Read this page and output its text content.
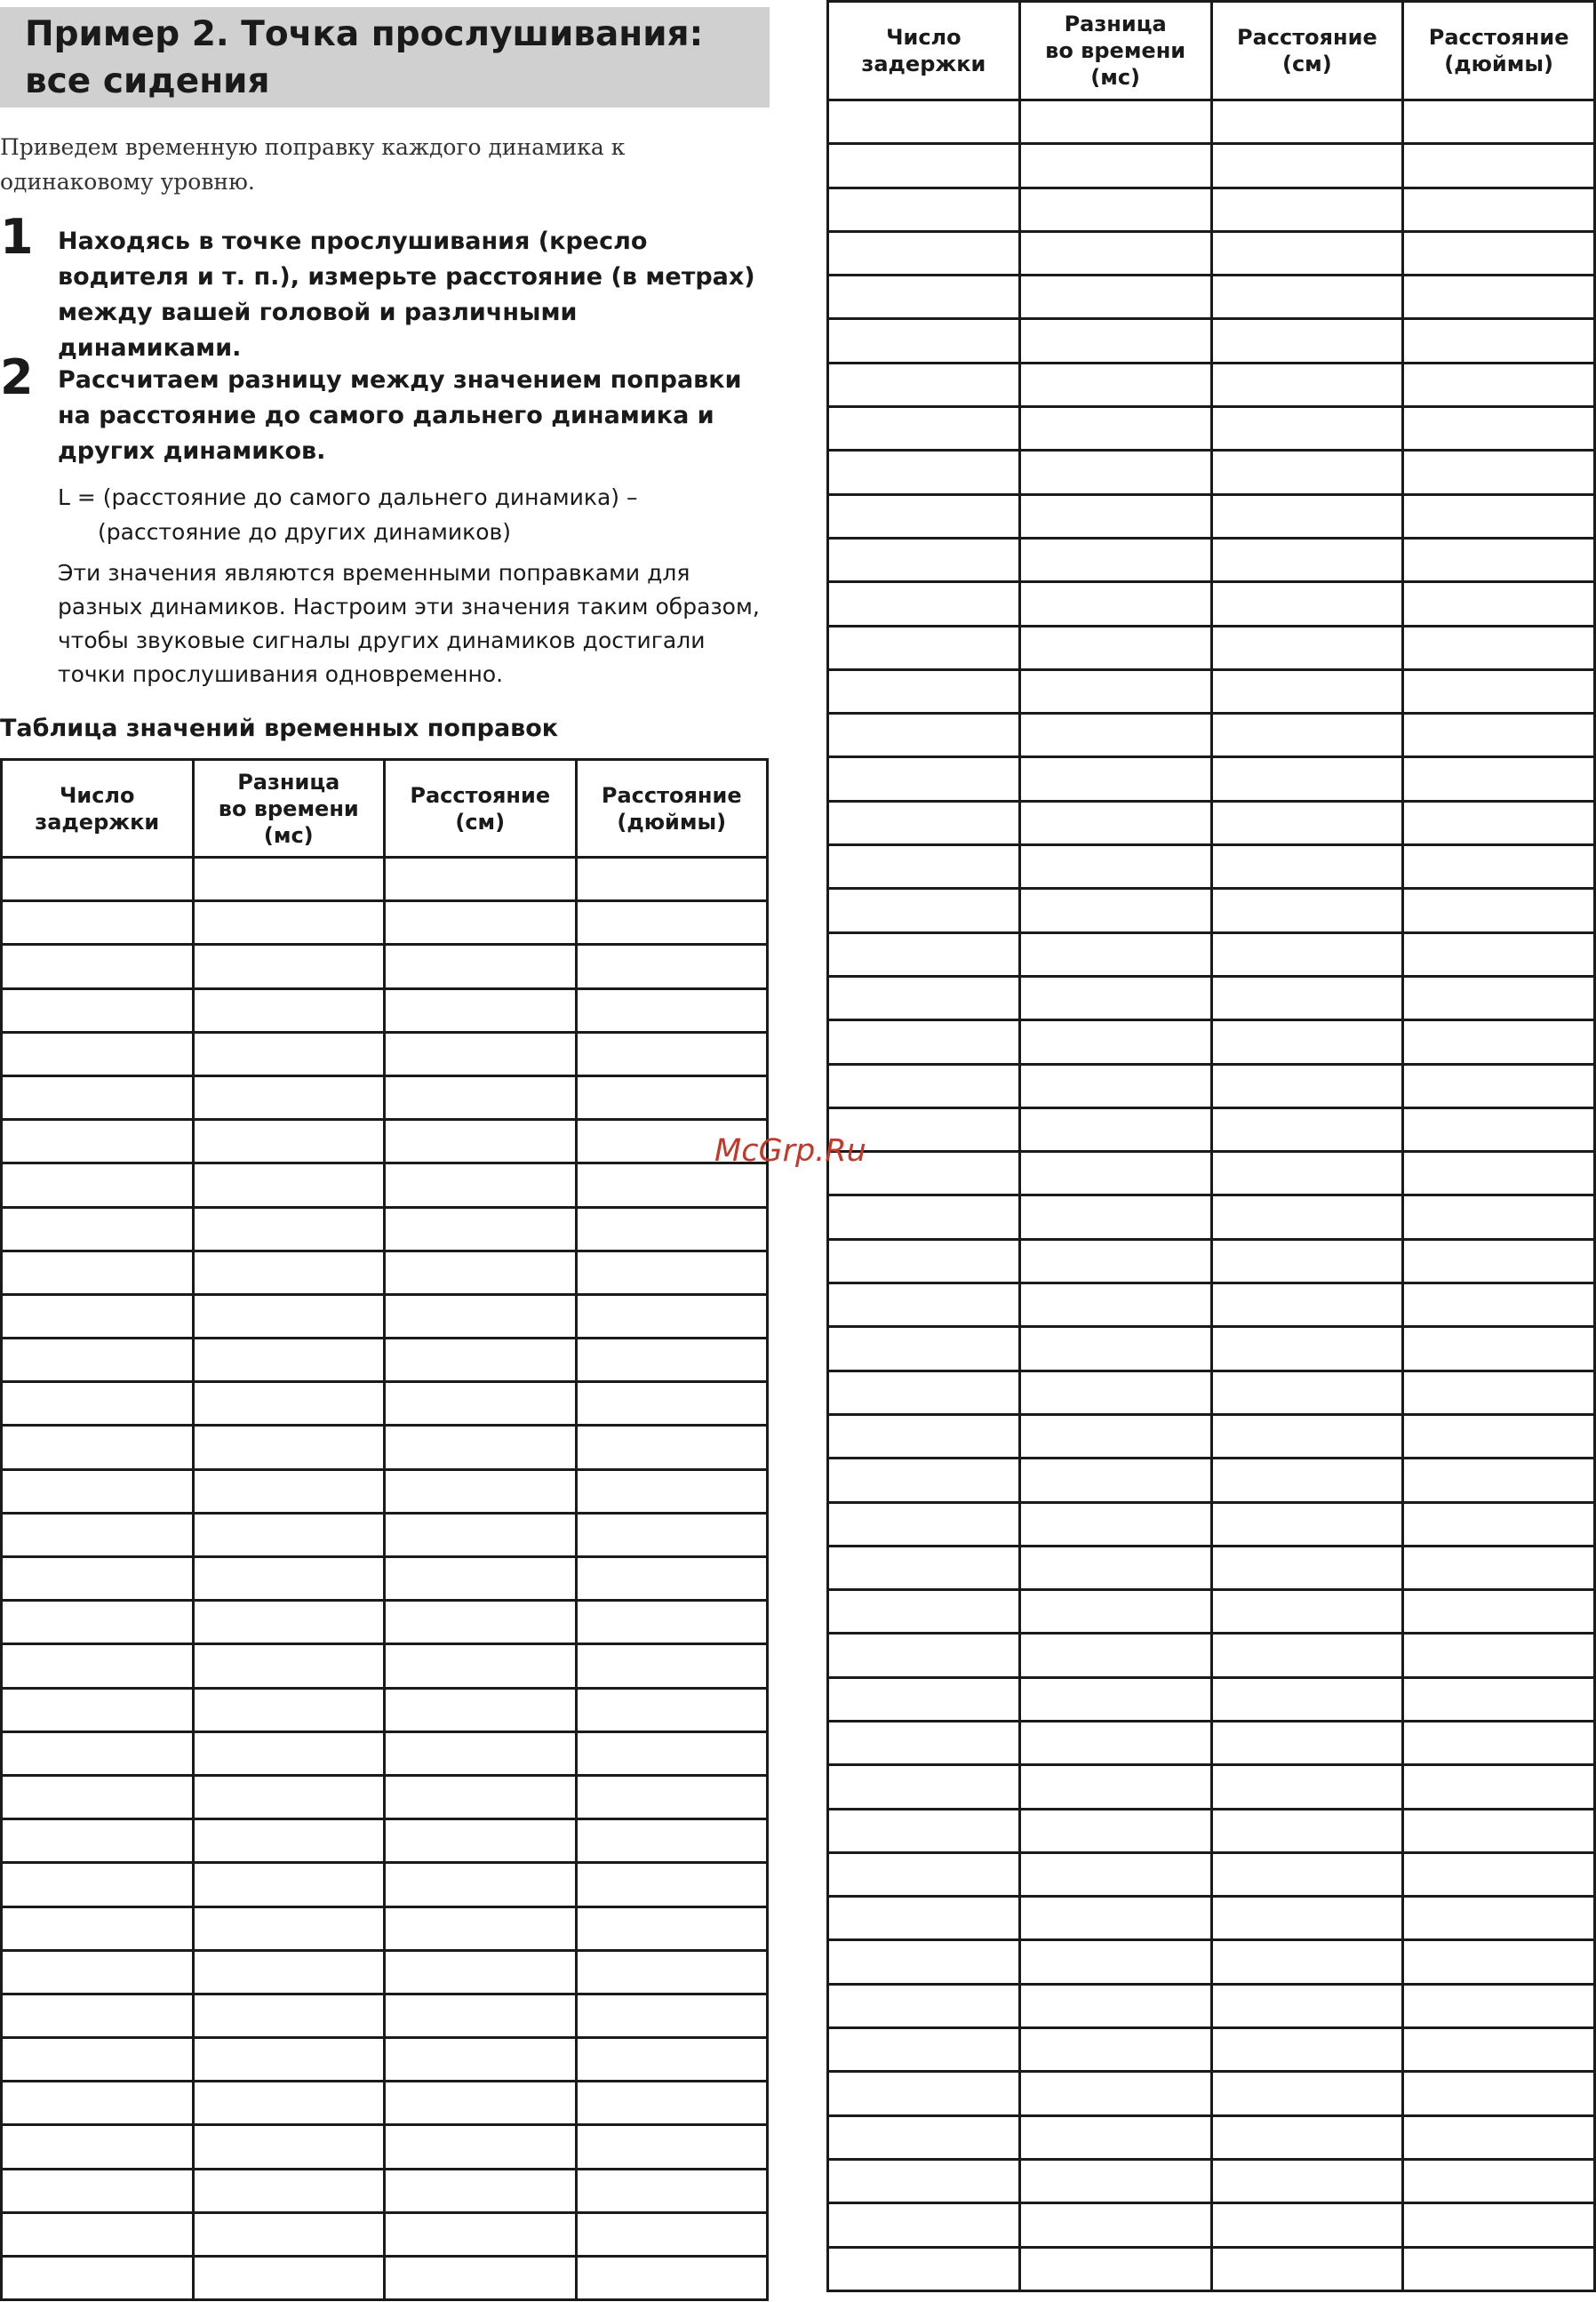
Пример 2. Точка прослушивания: все сидения
Приведем временную поправку каждого динамика к одинаковому уровню.
1 Находясь в точке прослушивания (кресло водителя и т. п.), измерьте расстояние (в метрах) между вашей головой и различными динамиками.
2 Рассчитаем разницу между значением поправки на расстояние до самого дальнего динамика и других динамиков.
L = (расстояние до самого дальнего динамика) –
(расстояние до других динамиков)
Эти значения являются временными поправками для разных динамиков. Настроим эти значения таким образом, чтобы звуковые сигналы других динамиков достигали точки прослушивания одновременно.
Таблица значений временных поправок
Число
задержки	Разница
во времени
(мс)	Расстояние
(см)	Расстояние
(дюймы)

Число
задержки	Разница
во времени
(мс)	Расстояние
(см)	Расстояние
(дюймы)

McGrp.Ru
